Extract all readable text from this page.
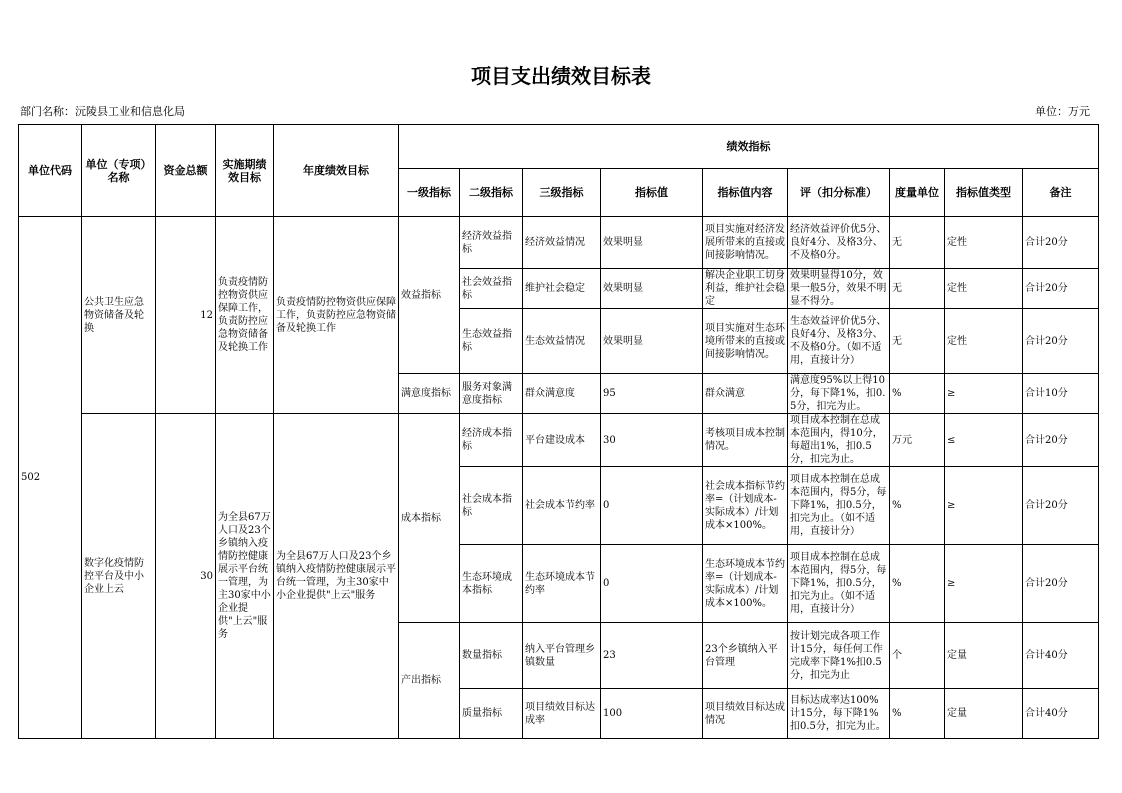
项目支出绩效目标表
部门名称：沅陵县工业和信息化局	单位：万元
单位代码	单位（专项）名称	资金总额	实施期绩效目标	年度绩效目标	绩效指标								
					一级指标	二级指标	三级指标	指标值	指标值内容	评（扣分标准）	度量单位	指标值类型	备注
502	公共卫生应急物资储备及轮换	12	负责疫情防控物资供应保障工作，负责防控应急物资储备及轮换工作	负责疫情防控物资供应保障工作，负责防控应急物资储备及轮换工作	效益指标	经济效益指标	经济效益情况	效果明显	项目实施对经济发展所带来的直接或间接影响情况。	经济效益评价优5分、良好4分、及格3分、不及格0分。	无	定性	合计20分
						社会效益指标	维护社会稳定	效果明显	解决企业职工切身利益，维护社会稳定	效果明显得10分，效果一般5分，效果不明显不得分。	无	定性	合计20分
						生态效益指标	生态效益情况	效果明显	项目实施对生态环境所带来的直接或间接影响情况。	生态效益评价优5分、良好4分、及格3分、不及格0分。（如不适用，直接计分）	无	定性	合计20分
					满意度指标	服务对象满意度指标	群众满意度	95	群众满意	满意度95%以上得10分，每下降1%，扣0.5分，扣完为止。	%	≥	合计10分
	数字化疫情防控平台及中小企业上云	30	为全县67万人口及23个乡镇纳入疫情防控健康展示平台统一管理，为主30家中小企业提供"上云"服务	为全县67万人口及23个乡镇纳入疫情防控健康展示平台统一管理，为主30家中小企业提供"上云"服务	成本指标	经济成本指标	平台建设成本	30	考核项目成本控制情况。	项目成本控制在总成本范围内，得10分，每超出1%，扣0.5分，扣完为止。	万元	≤	合计20分
						社会成本指标	社会成本节约率	0	社会成本指标节约率=（计划成本-实际成本）/计划成本×100%。	项目成本控制在总成本范围内，得5分，每下降1%，扣0.5分，扣完为止。（如不适用，直接计分）	%	≥	合计20分
						生态环境成本指标	生态环境成本节约率	0	生态环境成本节约率=（计划成本-实际成本）/计划成本×100%。	项目成本控制在总成本范围内，得5分，每下降1%，扣0.5分，扣完为止。（如不适用，直接计分）	%	≥	合计20分
					产出指标	数量指标	纳入平台管理乡镇数量	23	23个乡镇纳入平台管理	按计划完成各项工作计15分，每任何工作完成率下降1%扣0.5分，扣完为止	个	定量	合计40分
						质量指标	项目绩效目标达成率	100	项目绩效目标达成情况	目标达成率达100%计15分，每下降1%扣0.5分，扣完为止。	%	定量	合计40分
